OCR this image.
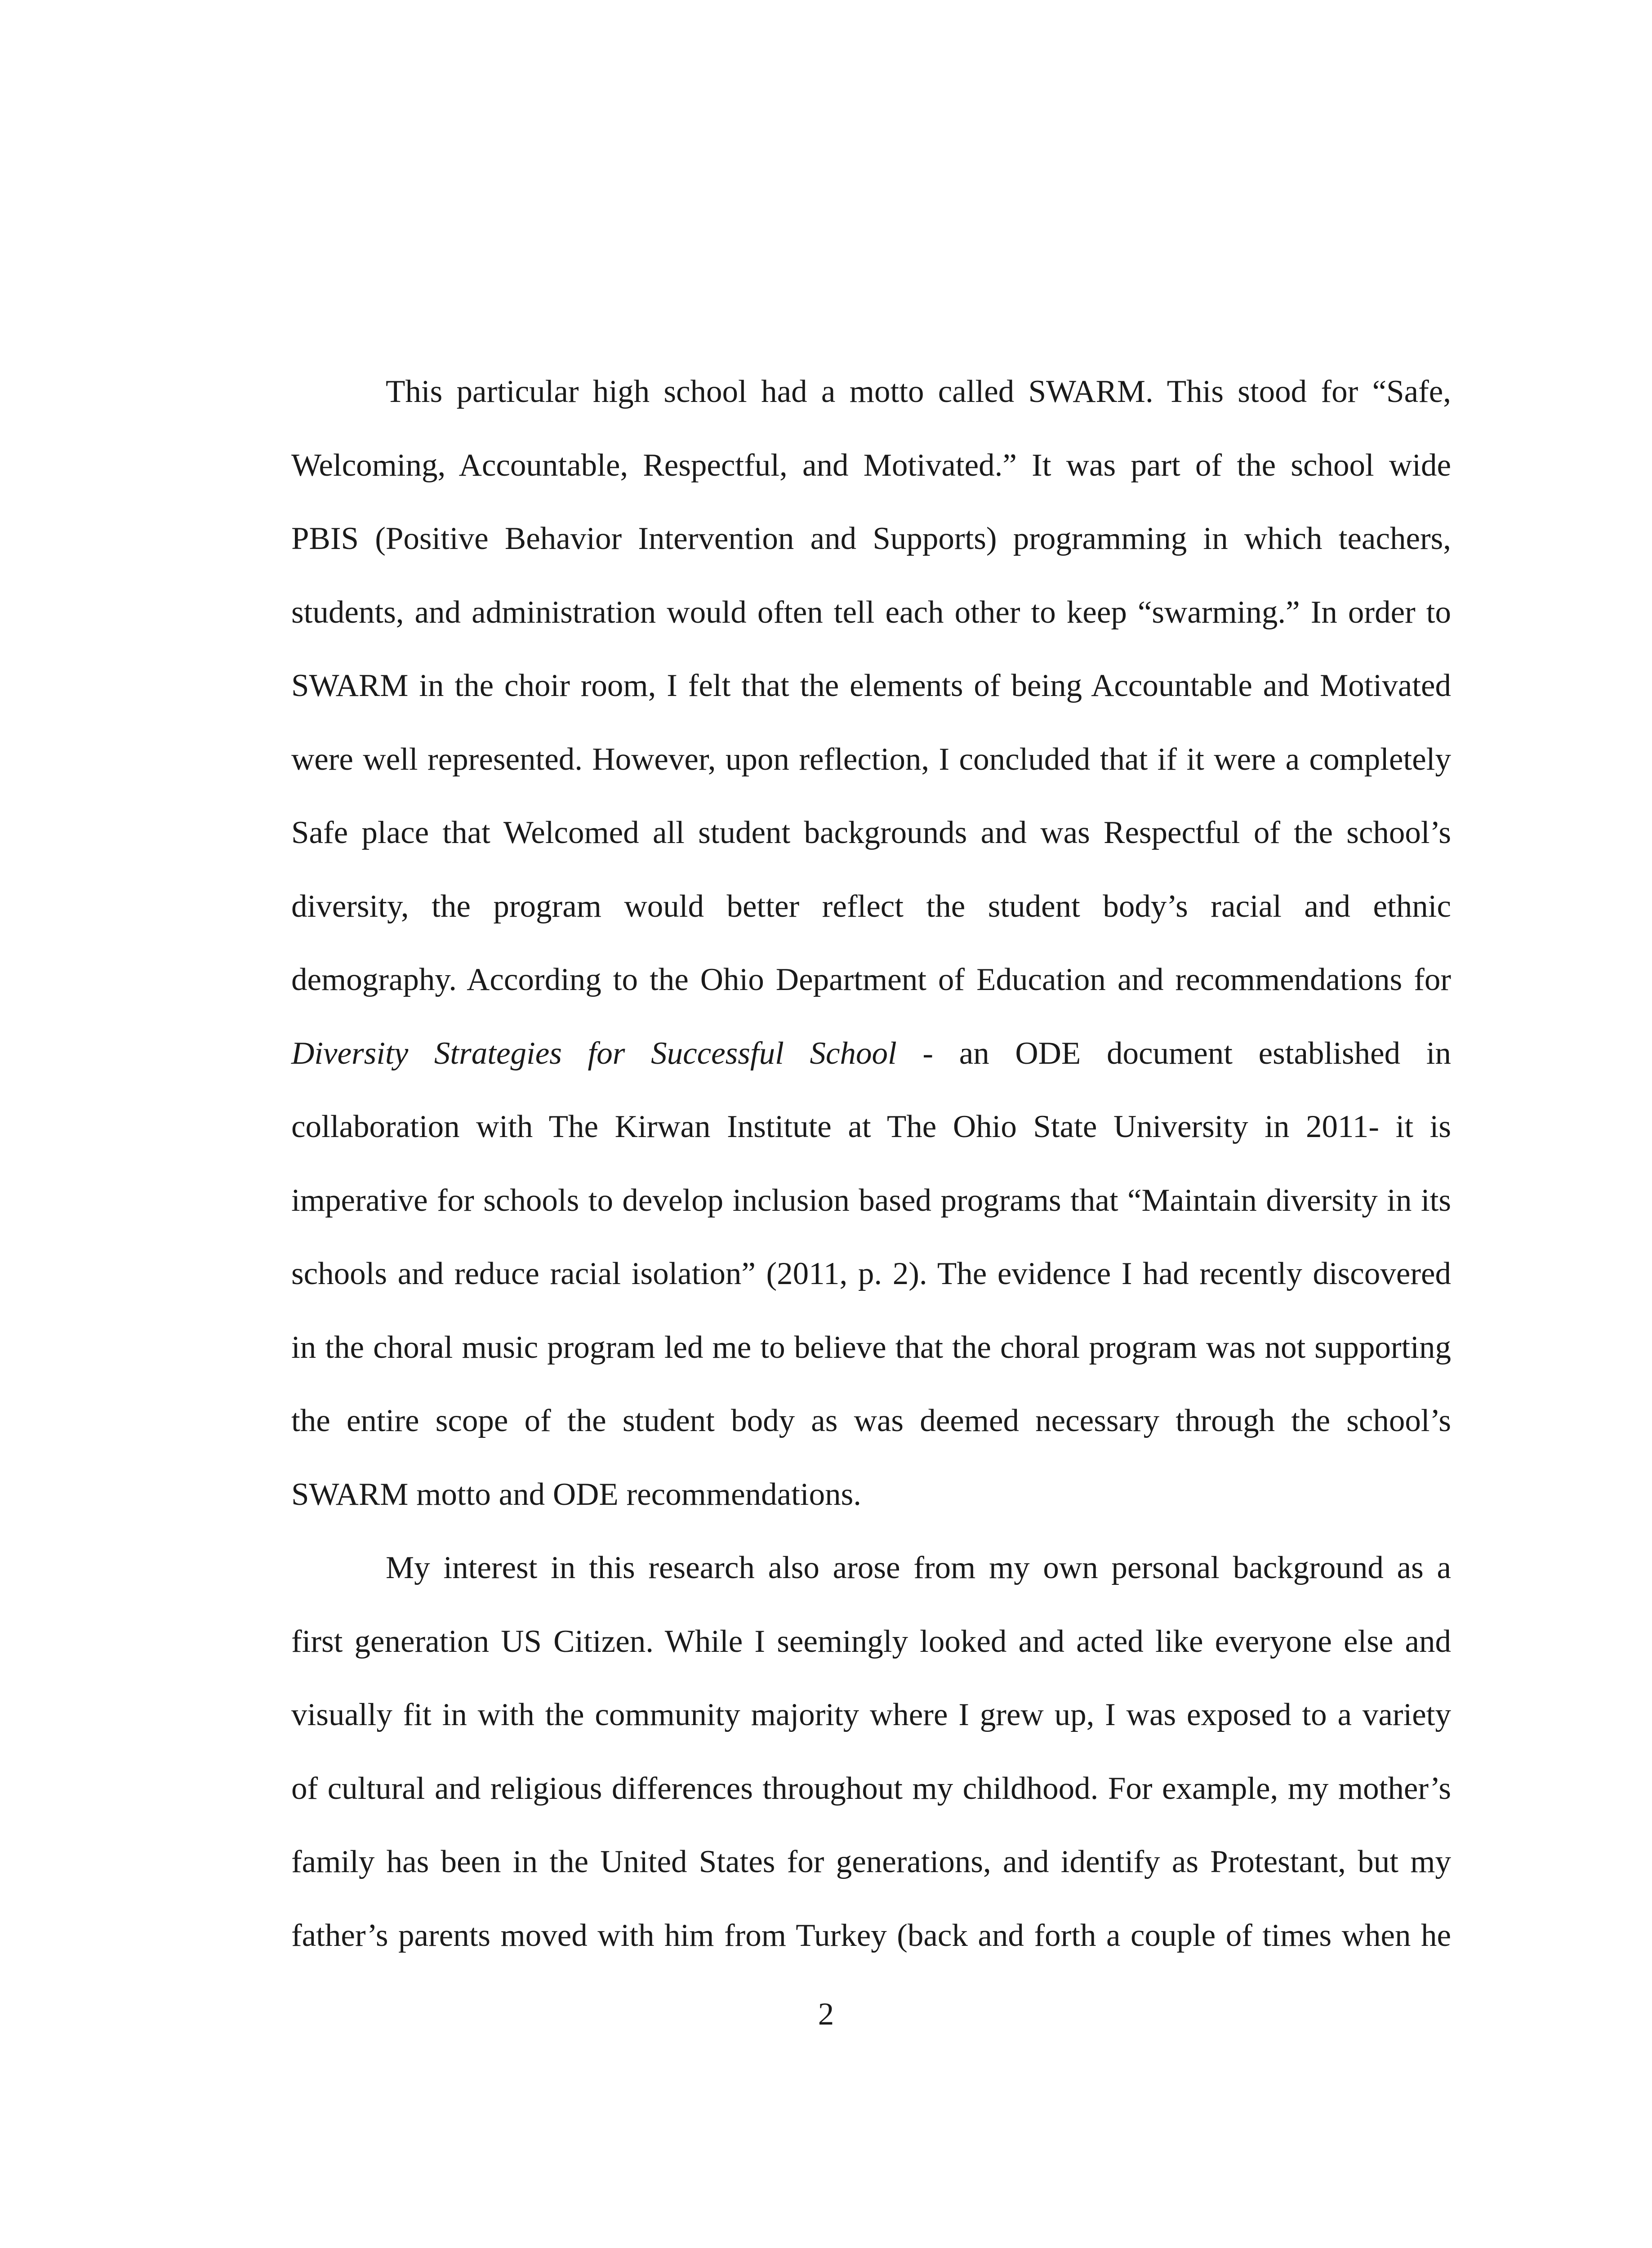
This particular high school had a motto called SWARM. This stood for “Safe,
Welcoming, Accountable, Respectful, and Motivated.” It was part of the school wide
PBIS (Positive Behavior Intervention and Supports) programming in which teachers,
students, and administration would often tell each other to keep “swarming.” In order to
SWARM in the choir room, I felt that the elements of being Accountable and Motivated
were well represented. However, upon reflection, I concluded that if it were a completely
Safe place that Welcomed all student backgrounds and was Respectful of the school’s
diversity, the program would better reflect the student body’s racial and ethnic
demography. According to the Ohio Department of Education and recommendations for
Diversity Strategies for Successful School - an ODE document established in
collaboration with The Kirwan Institute at The Ohio State University in 2011- it is
imperative for schools to develop inclusion based programs that “Maintain diversity in its
schools and reduce racial isolation” (2011, p. 2). The evidence I had recently discovered
in the choral music program led me to believe that the choral program was not supporting
the entire scope of the student body as was deemed necessary through the school’s
SWARM motto and ODE recommendations.
My interest in this research also arose from my own personal background as a
first generation US Citizen. While I seemingly looked and acted like everyone else and
visually fit in with the community majority where I grew up, I was exposed to a variety
of cultural and religious differences throughout my childhood. For example, my mother’s
family has been in the United States for generations, and identify as Protestant, but my
father’s parents moved with him from Turkey (back and forth a couple of times when he
2
